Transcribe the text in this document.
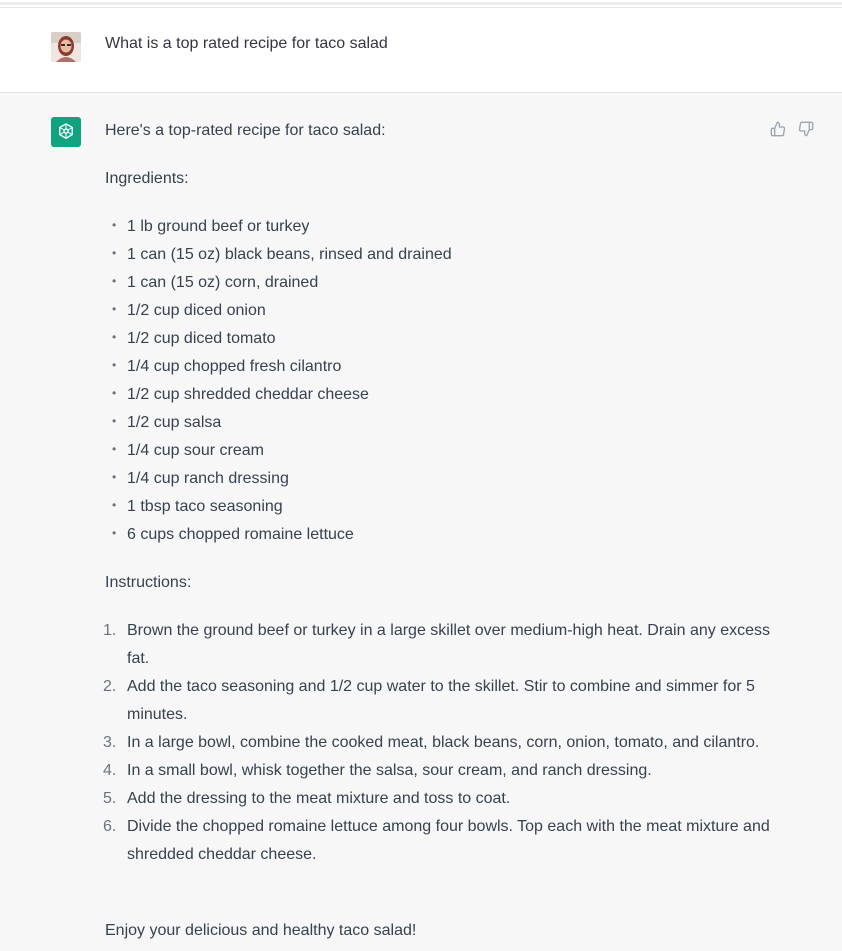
What is a top rated recipe for taco salad
Here's a top-rated recipe for taco salad:
Ingredients:
• 1 lb ground beef or turkey
• 1 can (15 oz) black beans, rinsed and drained
• 1 can (15 oz) corn, drained
• 1/2 cup diced onion
• 1/2 cup diced tomato
• 1/4 cup chopped fresh cilantro
• 1/2 cup shredded cheddar cheese
• 1/2 cup salsa
• 1/4 cup sour cream
• 1/4 cup ranch dressing
• 1 tbsp taco seasoning
• 6 cups chopped romaine lettuce
Instructions:
1. Brown the ground beef or turkey in a large skillet over medium-high heat. Drain any excess fat.
2. Add the taco seasoning and 1/2 cup water to the skillet. Stir to combine and simmer for 5 minutes.
3. In a large bowl, combine the cooked meat, black beans, corn, onion, tomato, and cilantro.
4. In a small bowl, whisk together the salsa, sour cream, and ranch dressing.
5. Add the dressing to the meat mixture and toss to coat.
6. Divide the chopped romaine lettuce among four bowls. Top each with the meat mixture and shredded cheddar cheese.
Enjoy your delicious and healthy taco salad!
